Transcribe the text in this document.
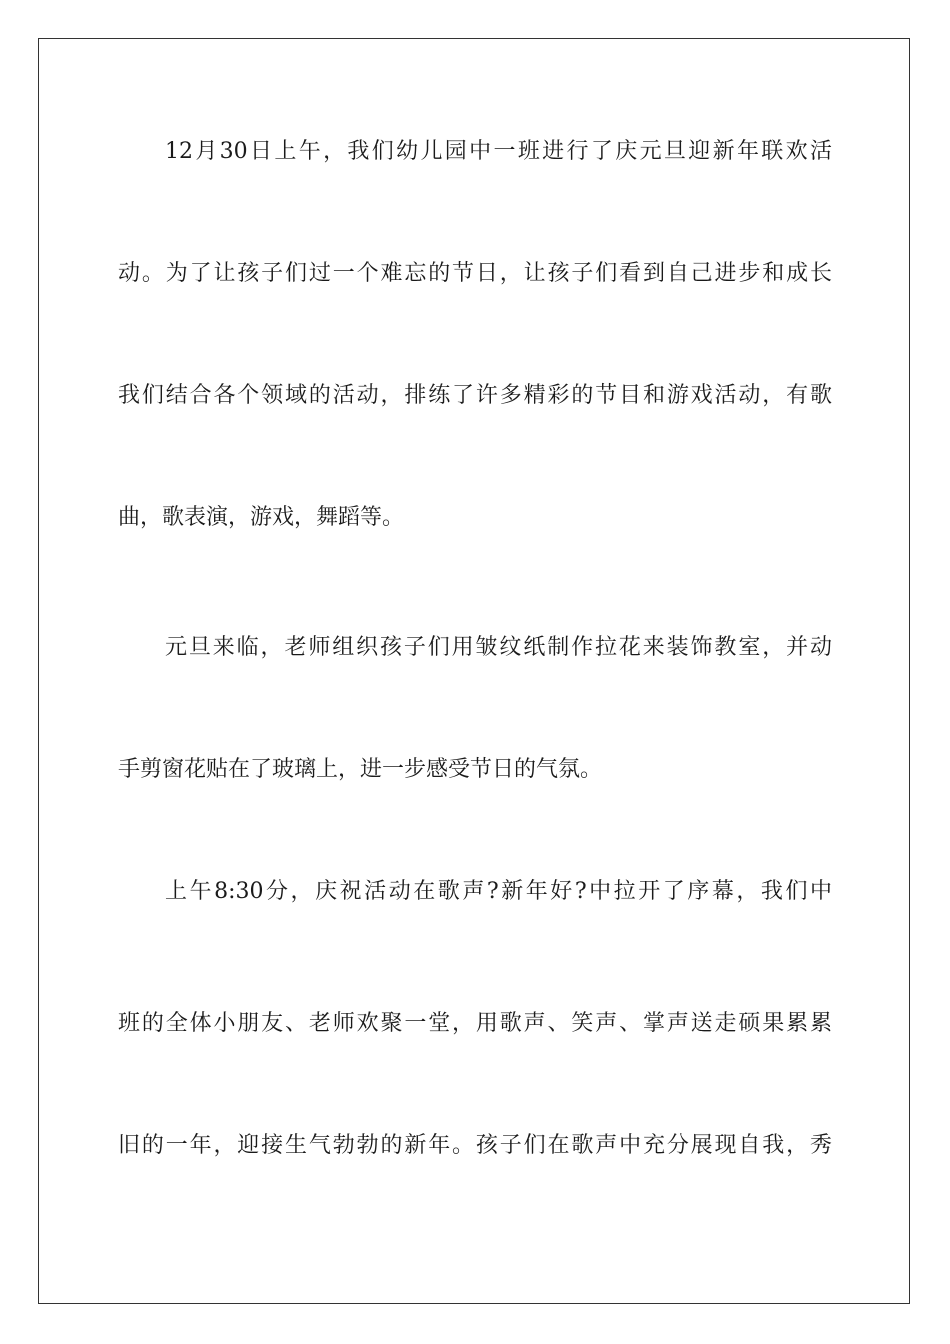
12月30日上午，我们幼儿园中一班进行了庆元旦迎新年联欢活
动。为了让孩子们过一个难忘的节日，让孩子们看到自己进步和成长
我们结合各个领域的活动，排练了许多精彩的节目和游戏活动，有歌
曲，歌表演，游戏，舞蹈等。
元旦来临，老师组织孩子们用皱纹纸制作拉花来装饰教室，并动
手剪窗花贴在了玻璃上，进一步感受节日的气氛。
上午8:30分，庆祝活动在歌声?新年好?中拉开了序幕，我们中
班的全体小朋友、老师欢聚一堂，用歌声、笑声、掌声送走硕果累累
旧的一年，迎接生气勃勃的新年。孩子们在歌声中充分展现自我，秀
